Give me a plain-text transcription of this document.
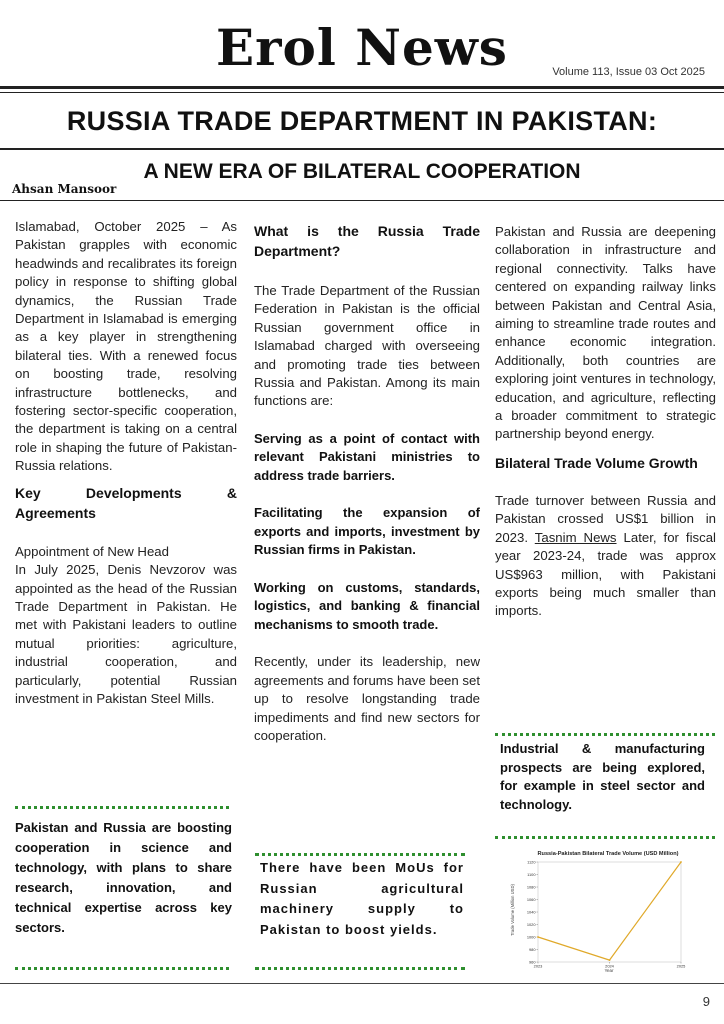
Erol News	Volume 113, Issue 03 Oct 2025
RUSSIA TRADE DEPARTMENT IN PAKISTAN:
A NEW ERA OF BILATERAL COOPERATION
Ahsan Mansoor

Islamabad, October 2025 – As Pakistan grapples with economic headwinds and recalibrates its foreign policy in response to shifting global dynamics, the Russian Trade Department in Islamabad is emerging as a key player in strengthening bilateral ties. With a renewed focus on boosting trade, resolving infrastructure bottlenecks, and fostering sector-specific cooperation, the department is taking on a central role in shaping the future of Pakistan-Russia relations.

Key Developments & Agreements

Appointment of New Head

In July 2025, Denis Nevzorov was appointed as the head of the Russian Trade Department in Pakistan. He met with Pakistani leaders to outline mutual priorities: agriculture, industrial cooperation, and particularly, potential Russian investment in Pakistan Steel Mills.

Pakistan and Russia are boosting cooperation in science and technology, with plans to share research, innovation, and technical expertise across key sectors.

What is the Russia Trade Department?

The Trade Department of the Russian Federation in Pakistan is the official Russian government office in Islamabad charged with overseeing and promoting trade ties between Russia and Pakistan. Among its main functions are:

Serving as a point of contact with relevant Pakistani ministries to address trade barriers.

Facilitating the expansion of exports and imports, investment by Russian firms in Pakistan.

Working on customs, standards, logistics, and banking & financial mechanisms to smooth trade.

Recently, under its leadership, new agreements and forums have been set up to resolve longstanding trade impediments and find new sectors for cooperation.

There have been MoUs for Russian agricultural machinery supply to Pakistan to boost yields.

Pakistan and Russia are deepening collaboration in infrastructure and regional connectivity. Talks have centered on expanding railway links between Pakistan and Central Asia, aiming to streamline trade routes and enhance economic integration. Additionally, both countries are exploring joint ventures in technology, education, and agriculture, reflecting a broader commitment to strategic partnership beyond energy.

Bilateral Trade Volume Growth

Trade turnover between Russia and Pakistan crossed US$1 billion in 2023. Tasnim News Later, for fiscal year 2023-24, trade was approx US$963 million, with Pakistani exports being much smaller than imports.

Industrial & manufacturing prospects are being explored, for example in steel sector and technology.
Russia-Pakistan Bilateral Trade Volume (USD Million)
Trade Volume (Million USD)
Year
960
980
1000
1020
1040
1060
1080
1100
1120
2023	2024	2025
9
